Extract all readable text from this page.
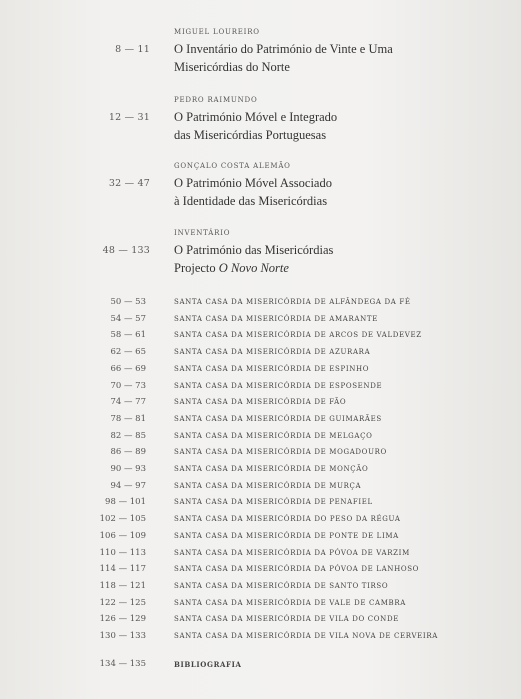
MIGUEL LOUREIRO
8 — 11 O Inventário do Património de Vinte e Uma
Misericórdias do Norte
PEDRO RAIMUNDO
12 — 31 O Património Móvel e Integrado
das Misericórdias Portuguesas
GONÇALO COSTA ALEMÃO
32 — 47 O Património Móvel Associado
à Identidade das Misericórdias
INVENTÁRIO
48 — 133 O Património das Misericórdias
Projecto O Novo Norte
50 — 53	SANTA CASA DA MISERICÓRDIA DE ALFÂNDEGA DA FÉ
54 — 57	SANTA CASA DA MISERICÓRDIA DE AMARANTE
58 — 61	SANTA CASA DA MISERICÓRDIA DE ARCOS DE VALDEVEZ
62 — 65	SANTA CASA DA MISERICÓRDIA DE AZURARA
66 — 69	SANTA CASA DA MISERICÓRDIA DE ESPINHO
70 — 73	SANTA CASA DA MISERICÓRDIA DE ESPOSENDE
74 — 77	SANTA CASA DA MISERICÓRDIA DE FÃO
78 — 81	SANTA CASA DA MISERICÓRDIA DE GUIMARÃES
82 — 85	SANTA CASA DA MISERICÓRDIA DE MELGAÇO
86 — 89	SANTA CASA DA MISERICÓRDIA DE MOGADOURO
90 — 93	SANTA CASA DA MISERICÓRDIA DE MONÇÃO
94 — 97	SANTA CASA DA MISERICÓRDIA DE MURÇA
98 — 101	SANTA CASA DA MISERICÓRDIA DE PENAFIEL
102 — 105	SANTA CASA DA MISERICÓRDIA DO PESO DA RÉGUA
106 — 109	SANTA CASA DA MISERICÓRDIA DE PONTE DE LIMA
110 — 113	SANTA CASA DA MISERICÓRDIA DA PÓVOA DE VARZIM
114 — 117	SANTA CASA DA MISERICÓRDIA DA PÓVOA DE LANHOSO
118 — 121	SANTA CASA DA MISERICÓRDIA DE SANTO TIRSO
122 — 125	SANTA CASA DA MISERICÓRDIA DE VALE DE CAMBRA
126 — 129	SANTA CASA DA MISERICÓRDIA DE VILA DO CONDE
130 — 133	SANTA CASA DA MISERICÓRDIA DE VILA NOVA DE CERVEIRA
134 — 135	BIBLIOGRAFIA
